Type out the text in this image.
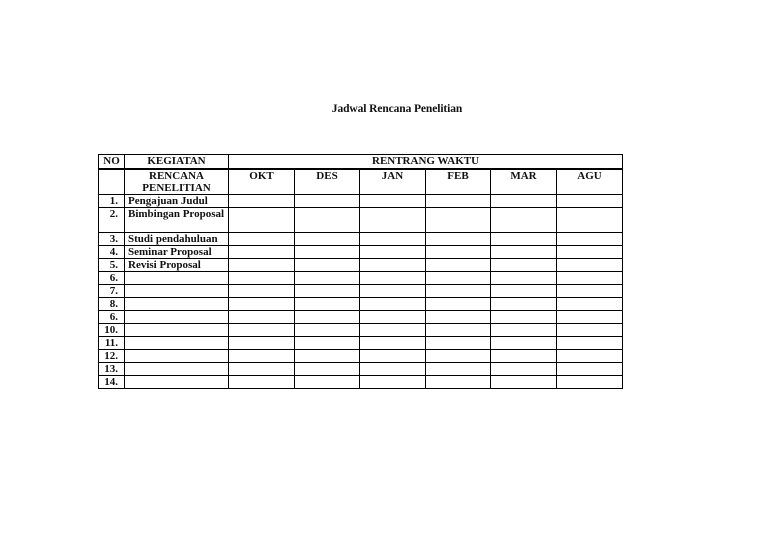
Jadwal Rencana Penelitian
NO	KEGIATAN	RENTRANG WAKTU					
	RENCANA PENELITIAN	OKT	DES	JAN	FEB	MAR	AGU
1.	Pengajuan Judul						
2.	Bimbingan Proposal						
3.	Studi pendahuluan						
4.	Seminar Proposal						
5.	Revisi Proposal						
6.							
7.							
8.							
6.							
10.							
11.							
12.							
13.							
14.							
